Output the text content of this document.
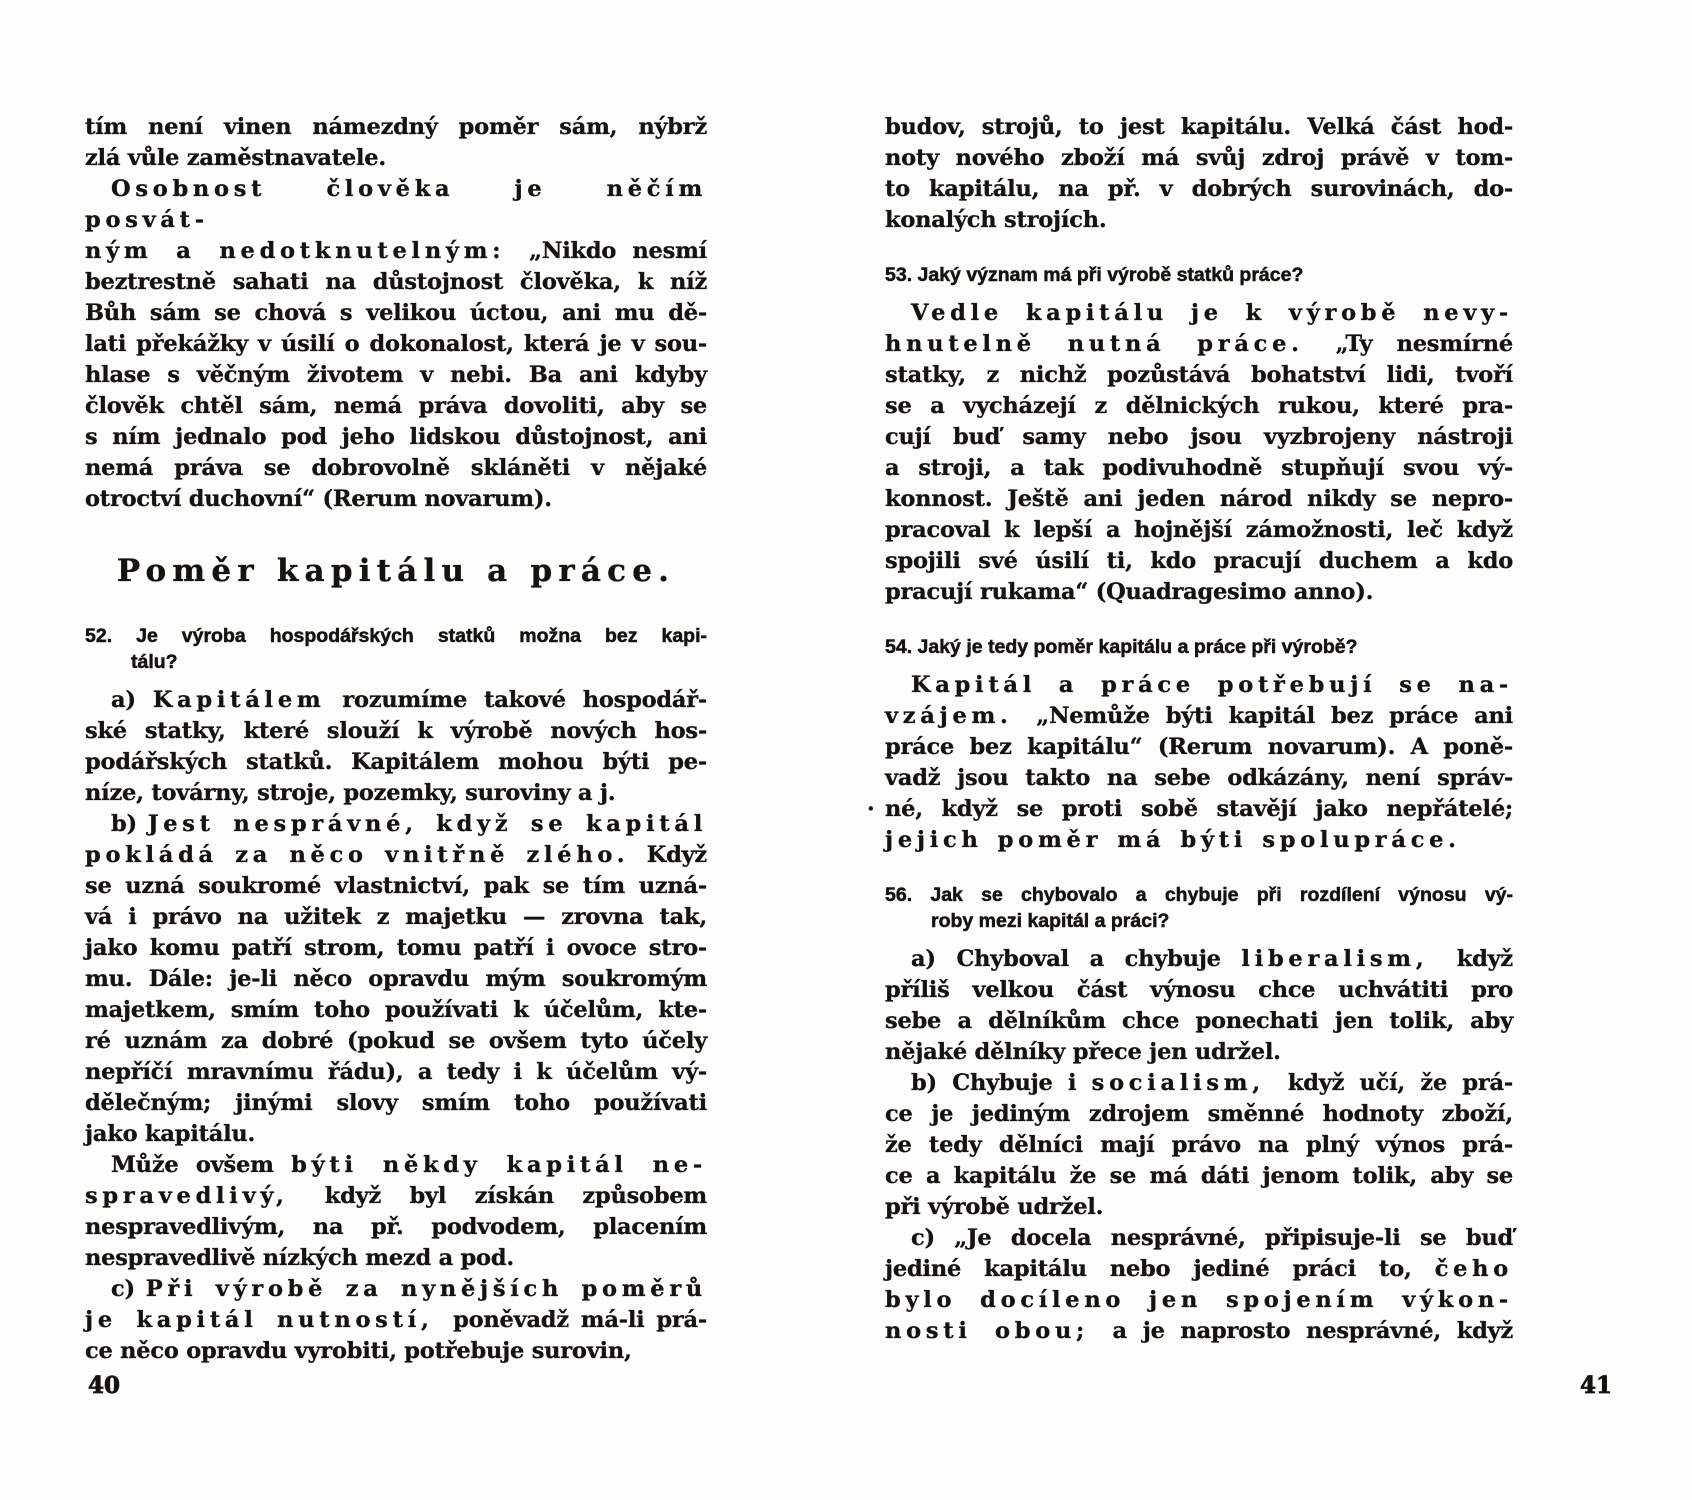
tím není vinen námezdný poměr sám, nýbrž
zlá vůle zaměstnavatele.
Osobnost člověka je něčím posvát-
ným a nedotknutelným: „Nikdo nesmí
beztrestně sahati na důstojnost člověka, k níž
Bůh sám se chová s velikou úctou, ani mu dě-
lati překážky v úsilí o dokonalost, která je v sou-
hlase s věčným životem v nebi. Ba ani kdyby
člověk chtěl sám, nemá práva dovoliti, aby se
s ním jednalo pod jeho lidskou důstojnost, ani
nemá práva se dobrovolně skláněti v nějaké
otroctví duchovní“ (Rerum novarum).
Poměr kapitálu a práce.
52. Je výroba hospodářských statků možna bez kapi-
tálu?
a) Kapitálem rozumíme takové hospodář-
ské statky, které slouží k výrobě nových hos-
podářských statků. Kapitálem mohou býti pe-
níze, továrny, stroje, pozemky, suroviny a j.
b) Jest nesprávné, když se kapitál
pokládá za něco vnitřně zlého. Když
se uzná soukromé vlastnictví, pak se tím uzná-
vá i právo na užitek z majetku — zrovna tak,
jako komu patří strom, tomu patří i ovoce stro-
mu. Dále: je-li něco opravdu mým soukromým
majetkem, smím toho používati k účelům, kte-
ré uznám za dobré (pokud se ovšem tyto účely
nepříčí mravnímu řádu), a tedy i k účelům vý-
dělečným; jinými slovy smím toho používati
jako kapitálu.
Může ovšem býti někdy kapitál ne-
spravedlivý, když byl získán způsobem
nespravedlivým, na př. podvodem, placením
nespravedlivě nízkých mezd a pod.
c) Při výrobě za nynějších poměrů
je kapitál nutností, poněvadž má-li prá-
ce něco opravdu vyrobiti, potřebuje surovin,
budov, strojů, to jest kapitálu. Velká část hod-
noty nového zboží má svůj zdroj právě v tom-
to kapitálu, na př. v dobrých surovinách, do-
konalých strojích.
53. Jaký význam má při výrobě statků práce?
Vedle kapitálu je k výrobě nevy-
hnutelně nutná práce. „Ty nesmírné
statky, z nichž pozůstává bohatství lidi, tvoří
se a vycházejí z dělnických rukou, které pra-
cují buď samy nebo jsou vyzbrojeny nástroji
a stroji, a tak podivuhodně stupňují svou vý-
konnost. Ještě ani jeden národ nikdy se nepro-
pracoval k lepší a hojnější zámožnosti, leč když
spojili své úsilí ti, kdo pracují duchem a kdo
pracují rukama“ (Quadragesimo anno).
54. Jaký je tedy poměr kapitálu a práce při výrobě?
Kapitál a práce potřebují se na-
vzájem. „Nemůže býti kapitál bez práce ani
práce bez kapitálu“ (Rerum novarum). A poně-
vadž jsou takto na sebe odkázány, není správ-
· né, když se proti sobě stavějí jako nepřátelé;
jejich poměr má býti spolupráce.
56. Jak se chybovalo a chybuje při rozdílení výnosu vý-
roby mezi kapitál a práci?
a) Chyboval a chybuje liberalism, když
příliš velkou část výnosu chce uchvátiti pro
sebe a dělníkům chce ponechati jen tolik, aby
nějaké dělníky přece jen udržel.
b) Chybuje i socialism, když učí, že prá-
ce je jediným zdrojem směnné hodnoty zboží,
že tedy dělníci mají právo na plný výnos prá-
ce a kapitálu že se má dáti jenom tolik, aby se
při výrobě udržel.
c) „Je docela nesprávné, připisuje-li se buď
jediné kapitálu nebo jediné práci to, čeho
bylo docíleno jen spojením výkon-
nosti obou; a je naprosto nesprávné, když
40	41
